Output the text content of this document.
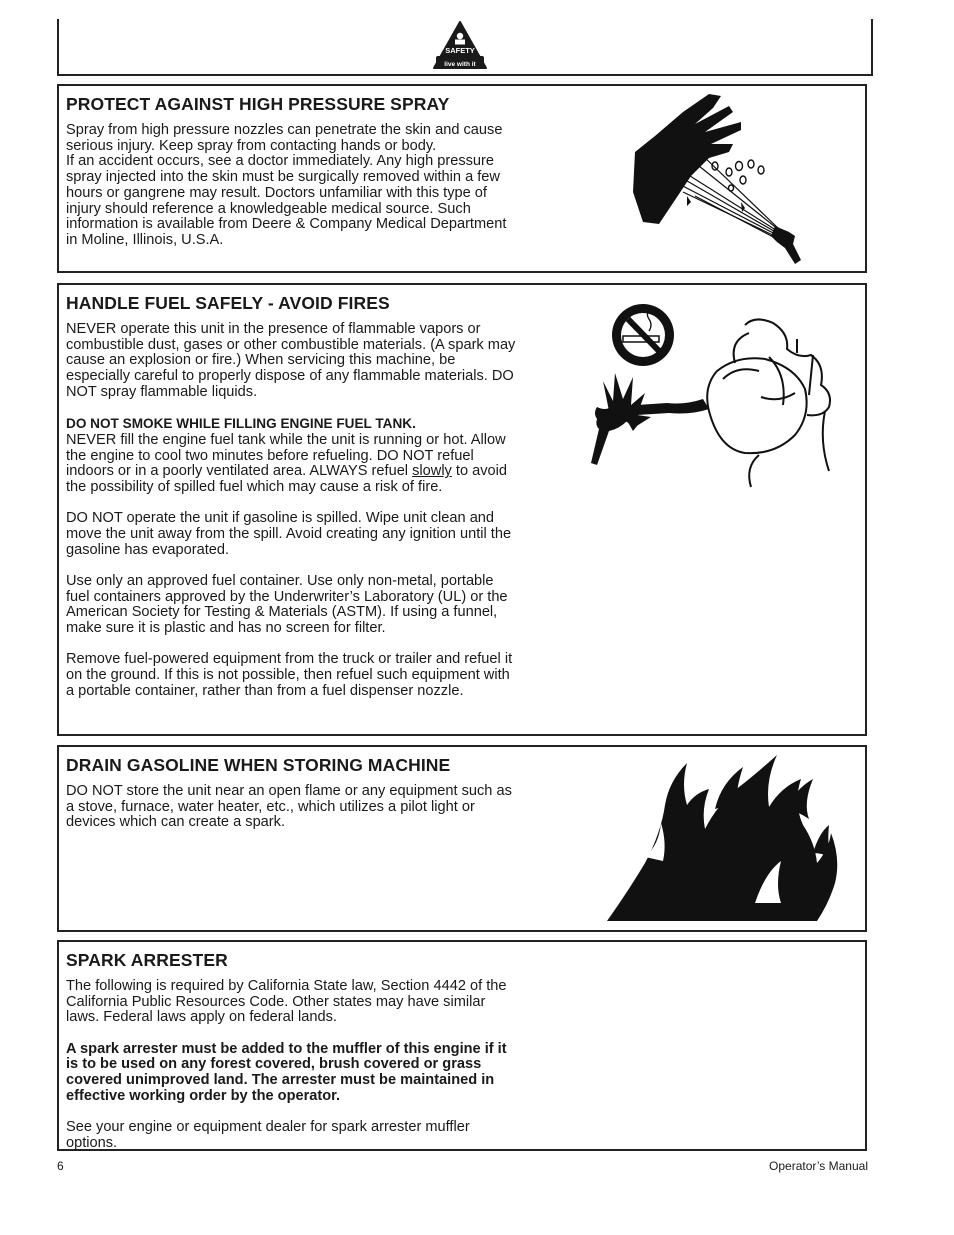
SAFETY
live with it
PROTECT AGAINST HIGH PRESSURE SPRAY
Spray from high pressure nozzles can penetrate the skin and cause serious injury. Keep spray from contacting hands or body.
If an accident occurs, see a doctor immediately. Any high pressure spray injected into the skin must be surgically removed within a few hours or gangrene may result. Doctors unfamiliar with this type of injury should reference a knowledgeable medical source. Such information is available from Deere & Company Medical Department in Moline, Illinois, U.S.A.
HANDLE FUEL SAFELY - AVOID FIRES

NEVER operate this unit in the presence of flammable vapors or combustible dust, gases or other combustible materials. (A spark may cause an explosion or fire.) When servicing this machine, be especially careful to properly dispose of any flammable materials. DO NOT spray flammable liquids.

DO NOT SMOKE WHILE FILLING ENGINE FUEL TANK.
NEVER fill the engine fuel tank while the unit is running or hot. Allow the engine to cool two minutes before refueling. DO NOT refuel indoors or in a poorly ventilated area. ALWAYS refuel slowly to avoid the possibility of spilled fuel which may cause a risk of fire.

DO NOT operate the unit if gasoline is spilled. Wipe unit clean and move the unit away from the spill. Avoid creating any ignition until the gasoline has evaporated.

Use only an approved fuel container. Use only non-metal, portable fuel containers approved by the Underwriter’s Laboratory (UL) or the American Society for Testing & Materials (ASTM). If using a funnel, make sure it is plastic and has no screen for filter.

Remove fuel-powered equipment from the truck or trailer and refuel it on the ground. If this is not possible, then refuel such equipment with a portable container, rather than from a fuel dispenser nozzle.

DRAIN GASOLINE WHEN STORING MACHINE

DO NOT store the unit near an open flame or any equipment such as a stove, furnace, water heater, etc., which utilizes a pilot light or devices which can create a spark.

SPARK ARRESTER

The following is required by California State law, Section 4442 of the California Public Resources Code. Other states may have similar laws. Federal laws apply on federal lands.

A spark arrester must be added to the muffler of this engine if it is to be used on any forest covered, brush covered or grass covered unimproved land. The arrester must be maintained in effective working order by the operator.

See your engine or equipment dealer for spark arrester muffler options.

6	Operator’s Manual
